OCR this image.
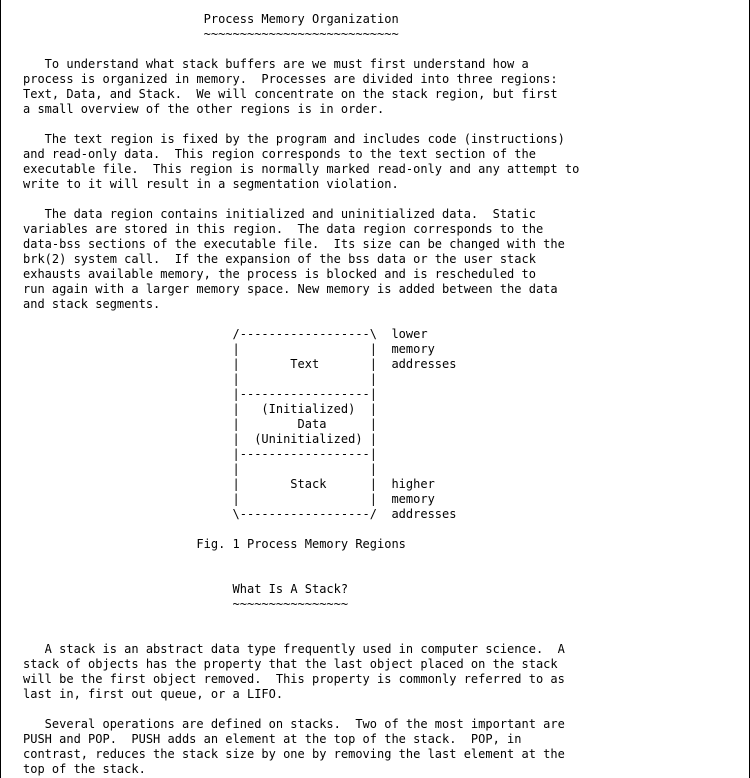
Process Memory Organization
~~~~~~~~~~~~~~~~~~~~~~~~~~~

To understand what stack buffers are we must first understand how a
process is organized in memory.  Processes are divided into three regions:
Text, Data, and Stack.  We will concentrate on the stack region, but first
a small overview of the other regions is in order.

The text region is fixed by the program and includes code (instructions)
and read-only data.  This region corresponds to the text section of the
executable file.  This region is normally marked read-only and any attempt to
write to it will result in a segmentation violation.

The data region contains initialized and uninitialized data.  Static
variables are stored in this region.  The data region corresponds to the
data-bss sections of the executable file.  Its size can be changed with the
brk(2) system call.  If the expansion of the bss data or the user stack
exhausts available memory, the process is blocked and is rescheduled to
run again with a larger memory space. New memory is added between the data
and stack segments.

/------------------\  lower
|                  |  memory
|       Text       |  addresses
|                  |
|------------------|
|   (Initialized)  |
|        Data      |
|  (Uninitialized) |
|------------------|
|                  |
|       Stack      |  higher
|                  |  memory
\------------------/  addresses

Fig. 1 Process Memory Regions

What Is A Stack?
~~~~~~~~~~~~~~~~

A stack is an abstract data type frequently used in computer science.  A
stack of objects has the property that the last object placed on the stack
will be the first object removed.  This property is commonly referred to as
last in, first out queue, or a LIFO.

Several operations are defined on stacks.  Two of the most important are
PUSH and POP.  PUSH adds an element at the top of the stack.  POP, in
contrast, reduces the stack size by one by removing the last element at the
top of the stack.
